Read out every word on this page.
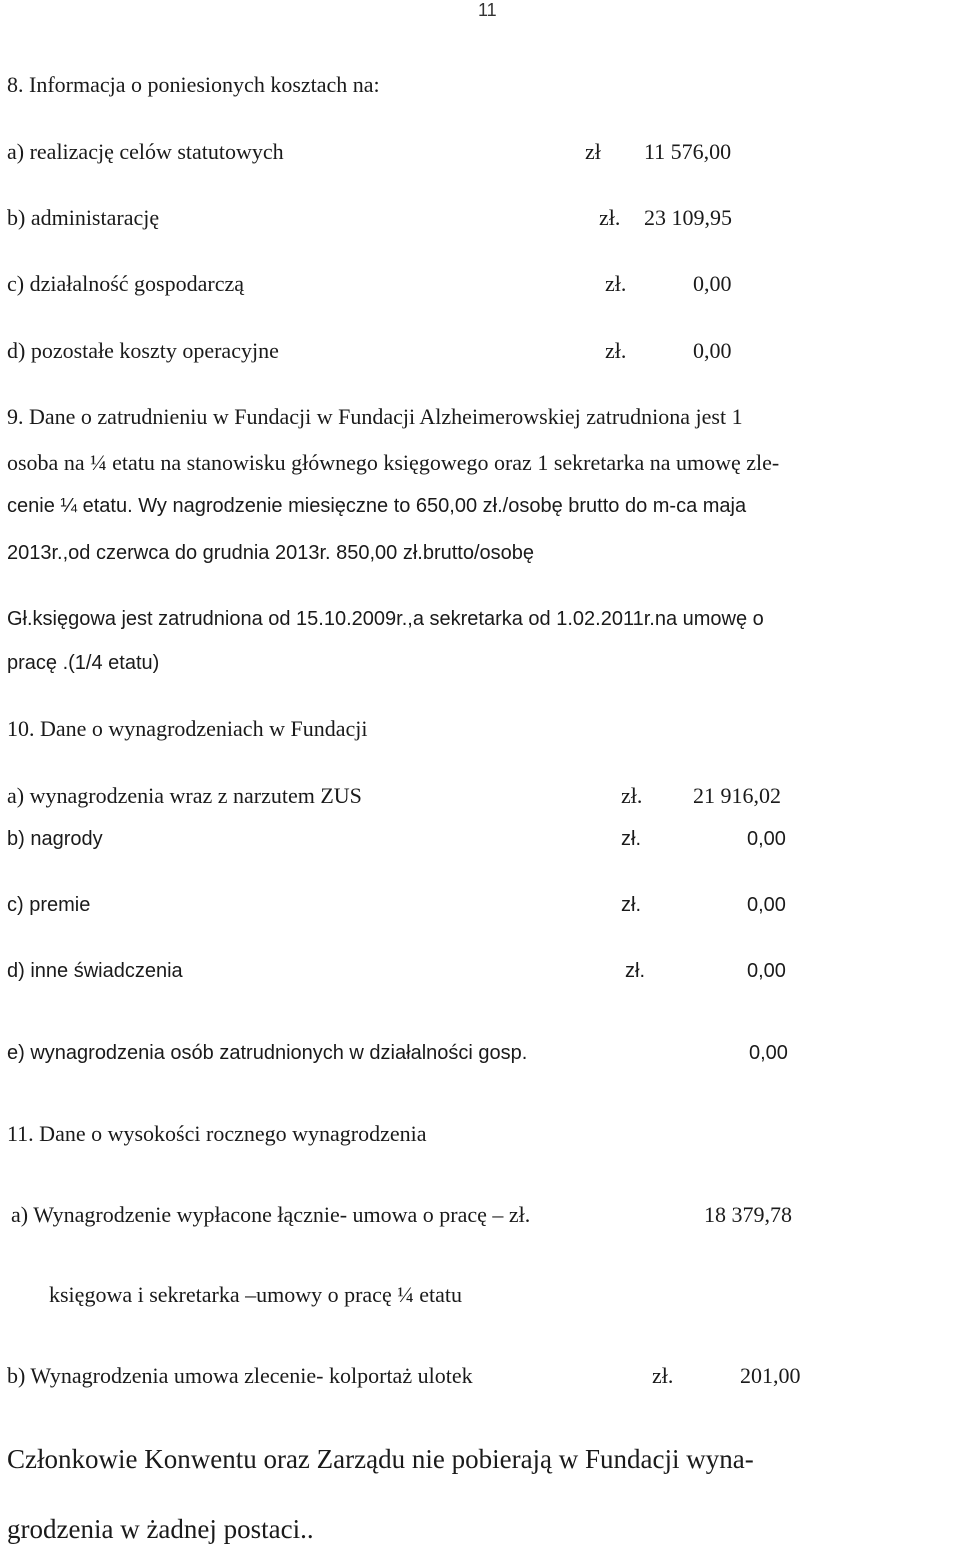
11
8. Informacja o poniesionych kosztach na:
a) realizację celów statutowych	zł 11 576,00
b) administarację	zł. 23 109,95
c) działalność gospodarczą	zł.	0,00
d) pozostałe koszty operacyjne	zł.	0,00
9. Dane o zatrudnieniu w Fundacji w Fundacji Alzheimerowskiej zatrudniona jest 1
osoba na ¼ etatu na stanowisku głównego księgowego oraz 1 sekretarka na umowę zle-
cenie ¼ etatu. Wy nagrodzenie miesięczne to 650,00 zł./osobę brutto do m-ca maja
2013r.,od czerwca do grudnia 2013r. 850,00 zł.brutto/osobę
Gł.księgowa jest zatrudniona od 15.10.2009r.,a sekretarka od 1.02.2011r.na umowę o
pracę .(1/4 etatu)
10. Dane o wynagrodzeniach w Fundacji
a) wynagrodzenia wraz z narzutem ZUS	zł. 21 916,02
b) nagrody	zł.	0,00
c) premie	zł.	0,00
d) inne świadczenia	zł.	0,00
e) wynagrodzenia osób zatrudnionych w działalności gosp.	0,00
11. Dane o wysokości rocznego wynagrodzenia
a) Wynagrodzenie wypłacone łącznie- umowa o pracę – zł.	18 379,78
księgowa i sekretarka –umowy o pracę ¼ etatu
b) Wynagrodzenia umowa zlecenie- kolportaż ulotek	zł.	201,00
Członkowie Konwentu oraz Zarządu nie pobierają w Fundacji wyna-
grodzenia w żadnej postaci..
